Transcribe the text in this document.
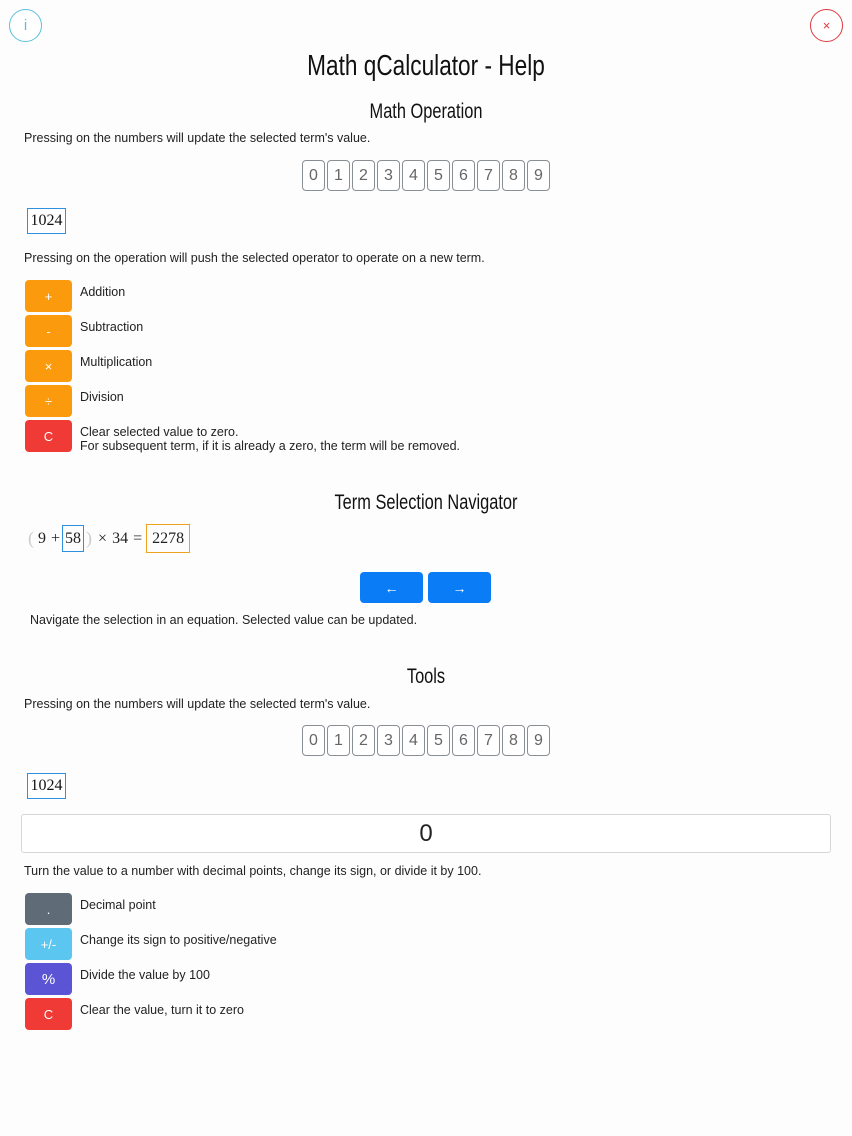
i	×
Math qCalculator - Help
Math Operation
Pressing on the numbers will update the selected term's value.
0	1	2	3	4	5	6	7	8	9
1024
Pressing on the operation will push the selected operator to operate on a new term.
+	Addition
-	Subtraction
×	Multiplication
÷	Division
C	Clear selected value to zero.
For subsequent term, if it is already a zero, the term will be removed.
Term Selection Navigator
( 9 + 58 ) × 34 = 2278
←	→
Navigate the selection in an equation. Selected value can be updated.
Tools
Pressing on the numbers will update the selected term's value.
0	1	2	3	4	5	6	7	8	9
1024
0
Turn the value to a number with decimal points, change its sign, or divide it by 100.
.	Decimal point
+/-	Change its sign to positive/negative
%	Divide the value by 100
C	Clear the value, turn it to zero
